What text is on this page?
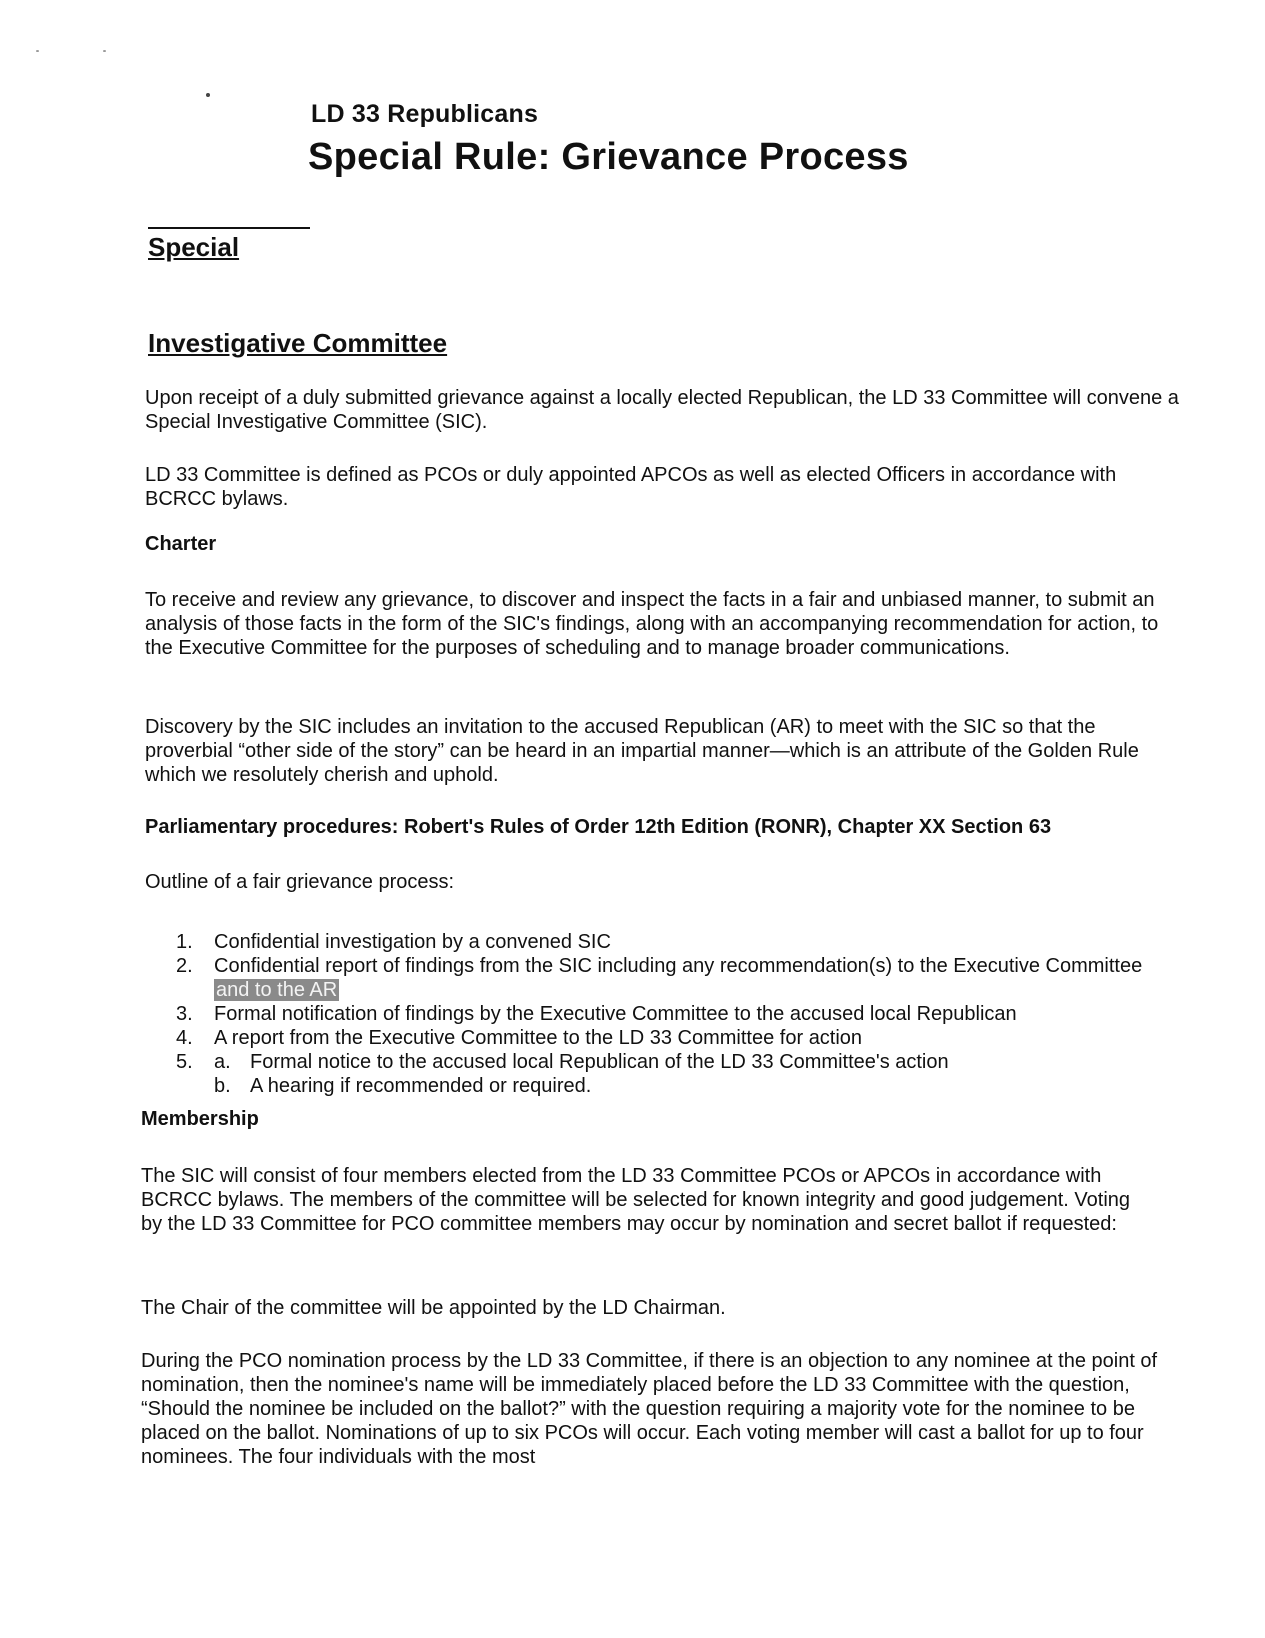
LD 33 Republicans
Special Rule: Grievance Process
Special
Investigative Committee
Upon receipt of a duly submitted grievance against a locally elected Republican, the LD 33 Committee will convene a Special Investigative Committee (SIC).
LD 33 Committee is defined as PCOs or duly appointed APCOs as well as elected Officers in accordance with BCRCC bylaws.
Charter
To receive and review any grievance, to discover and inspect the facts in a fair and unbiased manner, to submit an analysis of those facts in the form of the SIC's findings, along with an accompanying recommendation for action, to the Executive Committee for the purposes of scheduling and to manage broader communications.
Discovery by the SIC includes an invitation to the accused Republican (AR) to meet with the SIC so that the proverbial “other side of the story” can be heard in an impartial manner—which is an attribute of the Golden Rule which we resolutely cherish and uphold.
Parliamentary procedures: Robert's Rules of Order 12th Edition (RONR), Chapter XX Section 63
Outline of a fair grievance process:
1.	Confidential investigation by a convened SIC
2.	Confidential report of findings from the SIC including any recommendation(s) to the Executive Committee and to the AR
3.	Formal notification of findings by the Executive Committee to the accused local Republican
4.	A report from the Executive Committee to the LD 33 Committee for action
5.	a. Formal notice to the accused local Republican of the LD 33 Committee's action
b. A hearing if recommended or required.
Membership
The SIC will consist of four members elected from the LD 33 Committee PCOs or APCOs in accordance with BCRCC bylaws. The members of the committee will be selected for known integrity and good judgement. Voting by the LD 33 Committee for PCO committee members may occur by nomination and secret ballot if requested:
The Chair of the committee will be appointed by the LD Chairman.
During the PCO nomination process by the LD 33 Committee, if there is an objection to any nominee at the point of nomination, then the nominee's name will be immediately placed before the LD 33 Committee with the question, “Should the nominee be included on the ballot?” with the question requiring a majority vote for the nominee to be placed on the ballot. Nominations of up to six PCOs will occur. Each voting member will cast a ballot for up to four nominees. The four individuals with the most
